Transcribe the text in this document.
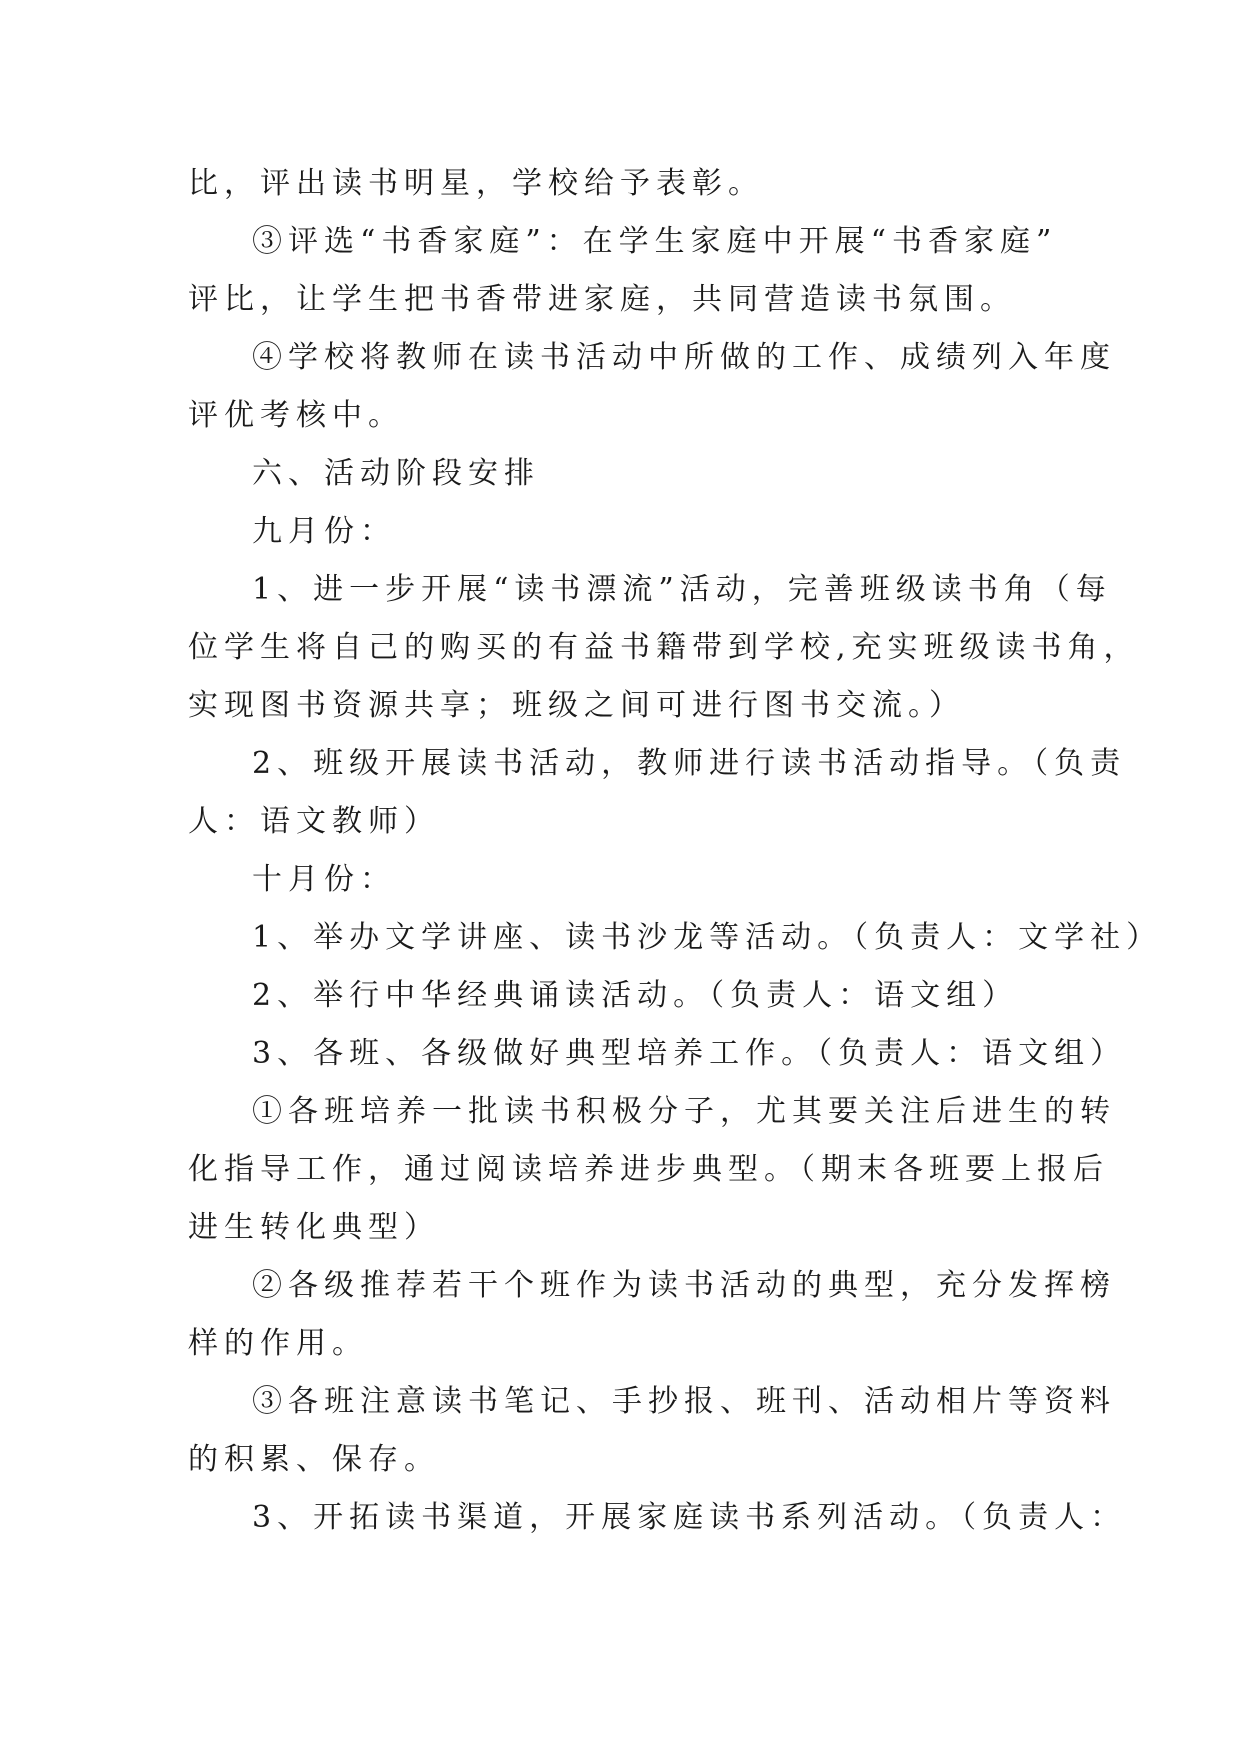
比，评出读书明星，学校给予表彰。
③评选“书香家庭”：在学生家庭中开展“书香家庭”
评比，让学生把书香带进家庭，共同营造读书氛围。
④学校将教师在读书活动中所做的工作、成绩列入年度
评优考核中。
六、活动阶段安排
九月份：
1、进一步开展“读书漂流”活动，完善班级读书角（每
位学生将自己的购买的有益书籍带到学校,充实班级读书角，
实现图书资源共享；班级之间可进行图书交流。）
2、班级开展读书活动，教师进行读书活动指导。（负责
人：语文教师）
十月份：
1、举办文学讲座、读书沙龙等活动。（负责人：文学社）
2、举行中华经典诵读活动。（负责人：语文组）
3、各班、各级做好典型培养工作。（负责人：语文组）
①各班培养一批读书积极分子，尤其要关注后进生的转
化指导工作，通过阅读培养进步典型。（期末各班要上报后
进生转化典型）
②各级推荐若干个班作为读书活动的典型，充分发挥榜
样的作用。
③各班注意读书笔记、手抄报、班刊、活动相片等资料
的积累、保存。
3、开拓读书渠道，开展家庭读书系列活动。（负责人：
